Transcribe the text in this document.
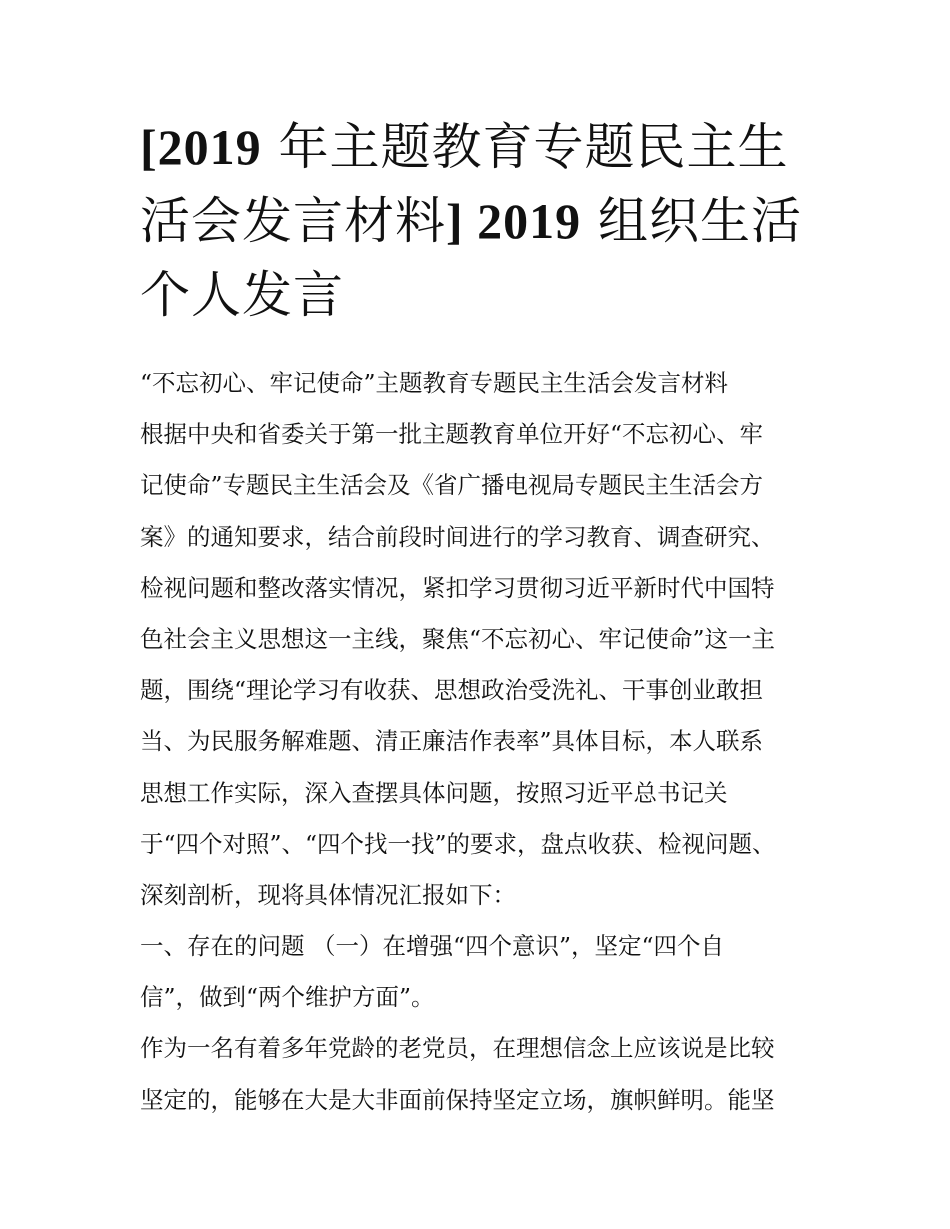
[2019 年主题教育专题民主生
活会发言材料] 2019 组织生活
个人发言
“不忘初心、牢记使命”主题教育专题民主生活会发言材料
根据中央和省委关于第一批主题教育单位开好“不忘初心、牢
记使命”专题民主生活会及《省广播电视局专题民主生活会方
案》的通知要求，结合前段时间进行的学习教育、调查研究、
检视问题和整改落实情况，紧扣学习贯彻习近平新时代中国特
色社会主义思想这一主线，聚焦“不忘初心、牢记使命”这一主
题，围绕“理论学习有收获、思想政治受洗礼、干事创业敢担
当、为民服务解难题、清正廉洁作表率”具体目标，本人联系
思想工作实际，深入查摆具体问题，按照习近平总书记关
于“四个对照”、“四个找一找”的要求，盘点收获、检视问题、
深刻剖析，现将具体情况汇报如下：
一、存在的问题 （一）在增强“四个意识”，坚定“四个自
信”，做到“两个维护方面”。
作为一名有着多年党龄的老党员，在理想信念上应该说是比较
坚定的，能够在大是大非面前保持坚定立场，旗帜鲜明。能坚
